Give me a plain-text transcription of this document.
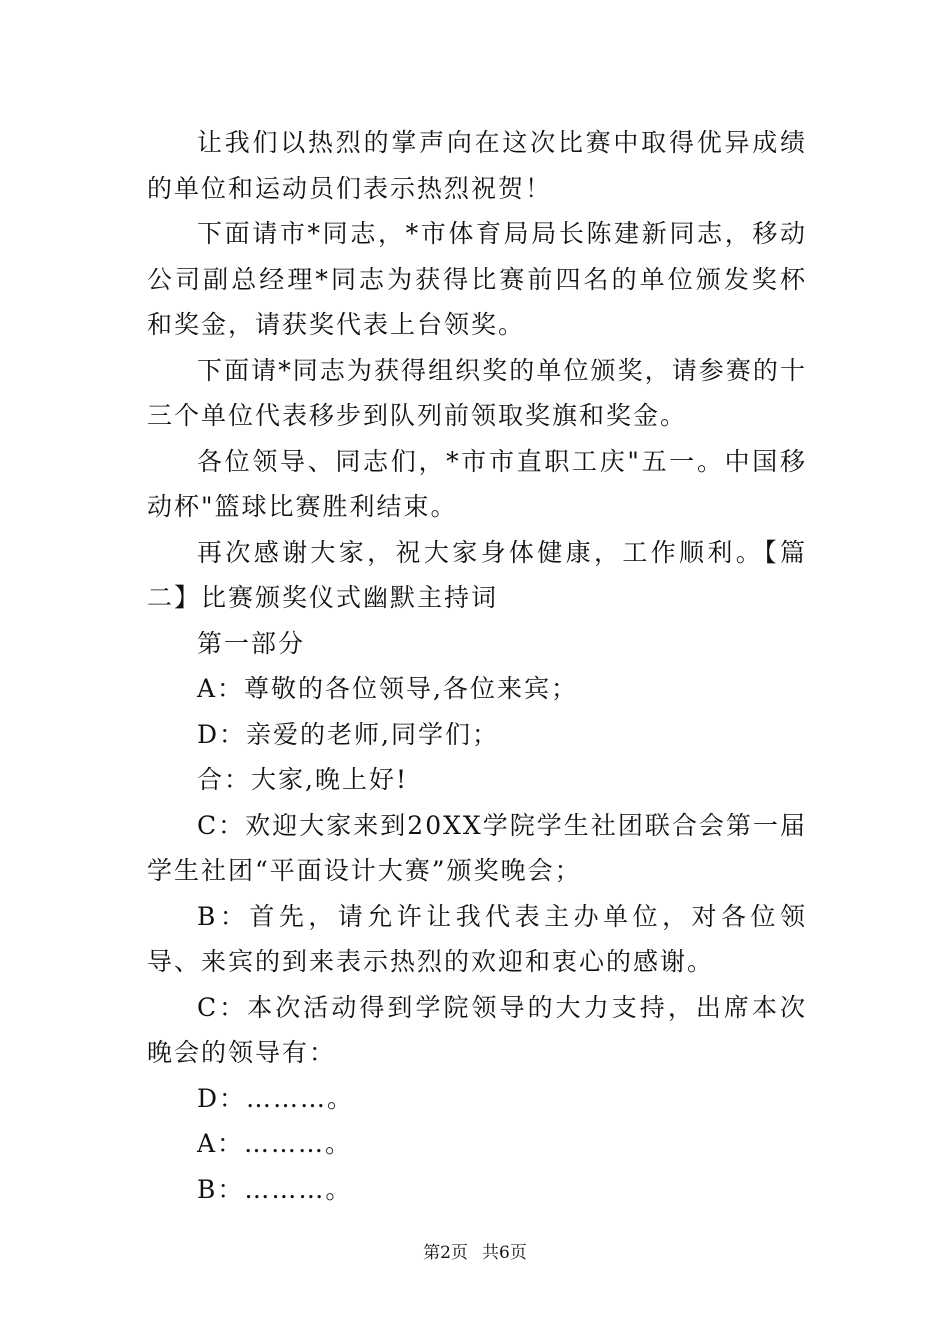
让我们以热烈的掌声向在这次比赛中取得优异成绩的单位和运动员们表示热烈祝贺！

下面请市*同志，*市体育局局长陈建新同志，移动公司副总经理*同志为获得比赛前四名的单位颁发奖杯和奖金，请获奖代表上台领奖。

下面请*同志为获得组织奖的单位颁奖，请参赛的十三个单位代表移步到队列前领取奖旗和奖金。

各位领导、同志们，*市市直职工庆"五一。中国移动杯"篮球比赛胜利结束。

再次感谢大家，祝大家身体健康，工作顺利。【篇二】比赛颁奖仪式幽默主持词

第一部分

A：尊敬的各位领导,各位来宾；

D：亲爱的老师,同学们；

合：大家,晚上好!

C：欢迎大家来到20XX学院学生社团联合会第一届学生社团“平面设计大赛”颁奖晚会；

B：首先，请允许让我代表主办单位，对各位领导、来宾的到来表示热烈的欢迎和衷心的感谢。

C：本次活动得到学院领导的大力支持，出席本次晚会的领导有：

D：………。

A：………。

B：………。

第2页 共6页
